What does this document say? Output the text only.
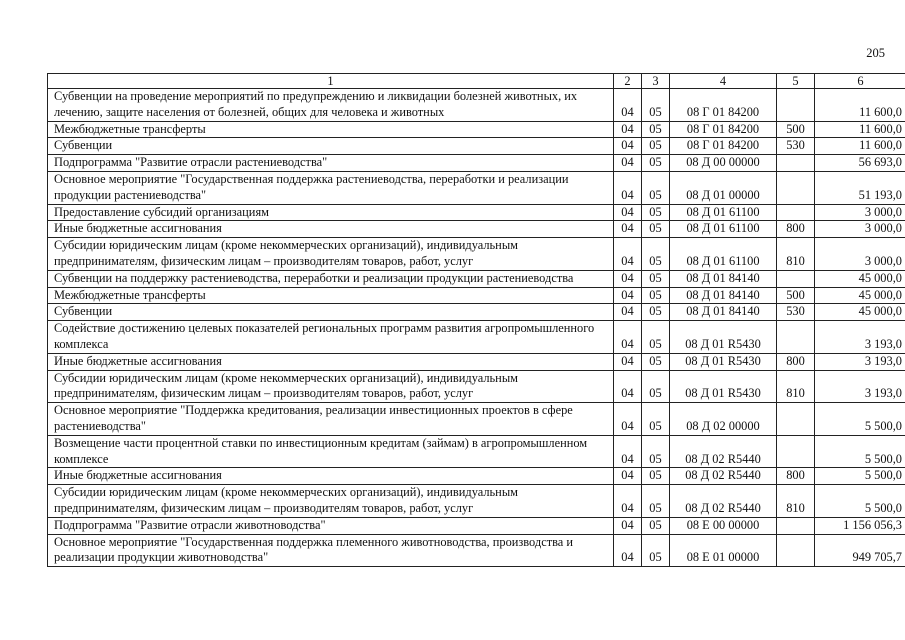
205
1	2	3	4	5	6
Субвенции на проведение мероприятий по предупреждению и ликвидации болезней животных, их лечению, защите населения от болезней, общих для человека и животных	04	05	08 Г 01 84200		11 600,0
Межбюджетные трансферты	04	05	08 Г 01 84200	500	11 600,0
Субвенции	04	05	08 Г 01 84200	530	11 600,0
Подпрограмма "Развитие отрасли растениеводства"	04	05	08 Д 00 00000		56 693,0
Основное мероприятие "Государственная поддержка растениеводства, переработки и реализации продукции растениеводства"	04	05	08 Д 01 00000		51 193,0
Предоставление субсидий организациям	04	05	08 Д 01 61100		3 000,0
Иные бюджетные ассигнования	04	05	08 Д 01 61100	800	3 000,0
Субсидии юридическим лицам (кроме некоммерческих организаций), индивидуальным предпринимателям, физическим лицам – производителям товаров, работ, услуг	04	05	08 Д 01 61100	810	3 000,0
Субвенции на поддержку растениеводства, переработки и реализации продукции растениеводства	04	05	08 Д 01 84140		45 000,0
Межбюджетные трансферты	04	05	08 Д 01 84140	500	45 000,0
Субвенции	04	05	08 Д 01 84140	530	45 000,0
Содействие достижению целевых показателей региональных программ развития агропромышленного комплекса	04	05	08 Д 01 R5430		3 193,0
Иные бюджетные ассигнования	04	05	08 Д 01 R5430	800	3 193,0
Субсидии юридическим лицам (кроме некоммерческих организаций), индивидуальным предпринимателям, физическим лицам – производителям товаров, работ, услуг	04	05	08 Д 01 R5430	810	3 193,0
Основное мероприятие "Поддержка кредитования, реализации инвестиционных проектов в сфере растениеводства"	04	05	08 Д 02 00000		5 500,0
Возмещение части процентной ставки по инвестиционным кредитам (займам) в агропромышленном комплексе	04	05	08 Д 02 R5440		5 500,0
Иные бюджетные ассигнования	04	05	08 Д 02 R5440	800	5 500,0
Субсидии юридическим лицам (кроме некоммерческих организаций), индивидуальным предпринимателям, физическим лицам – производителям товаров, работ, услуг	04	05	08 Д 02 R5440	810	5 500,0
Подпрограмма "Развитие отрасли животноводства"	04	05	08 Е 00 00000		1 156 056,3
Основное мероприятие "Государственная поддержка племенного животноводства, производства и реализации продукции животноводства"	04	05	08 Е 01 00000		949 705,7
